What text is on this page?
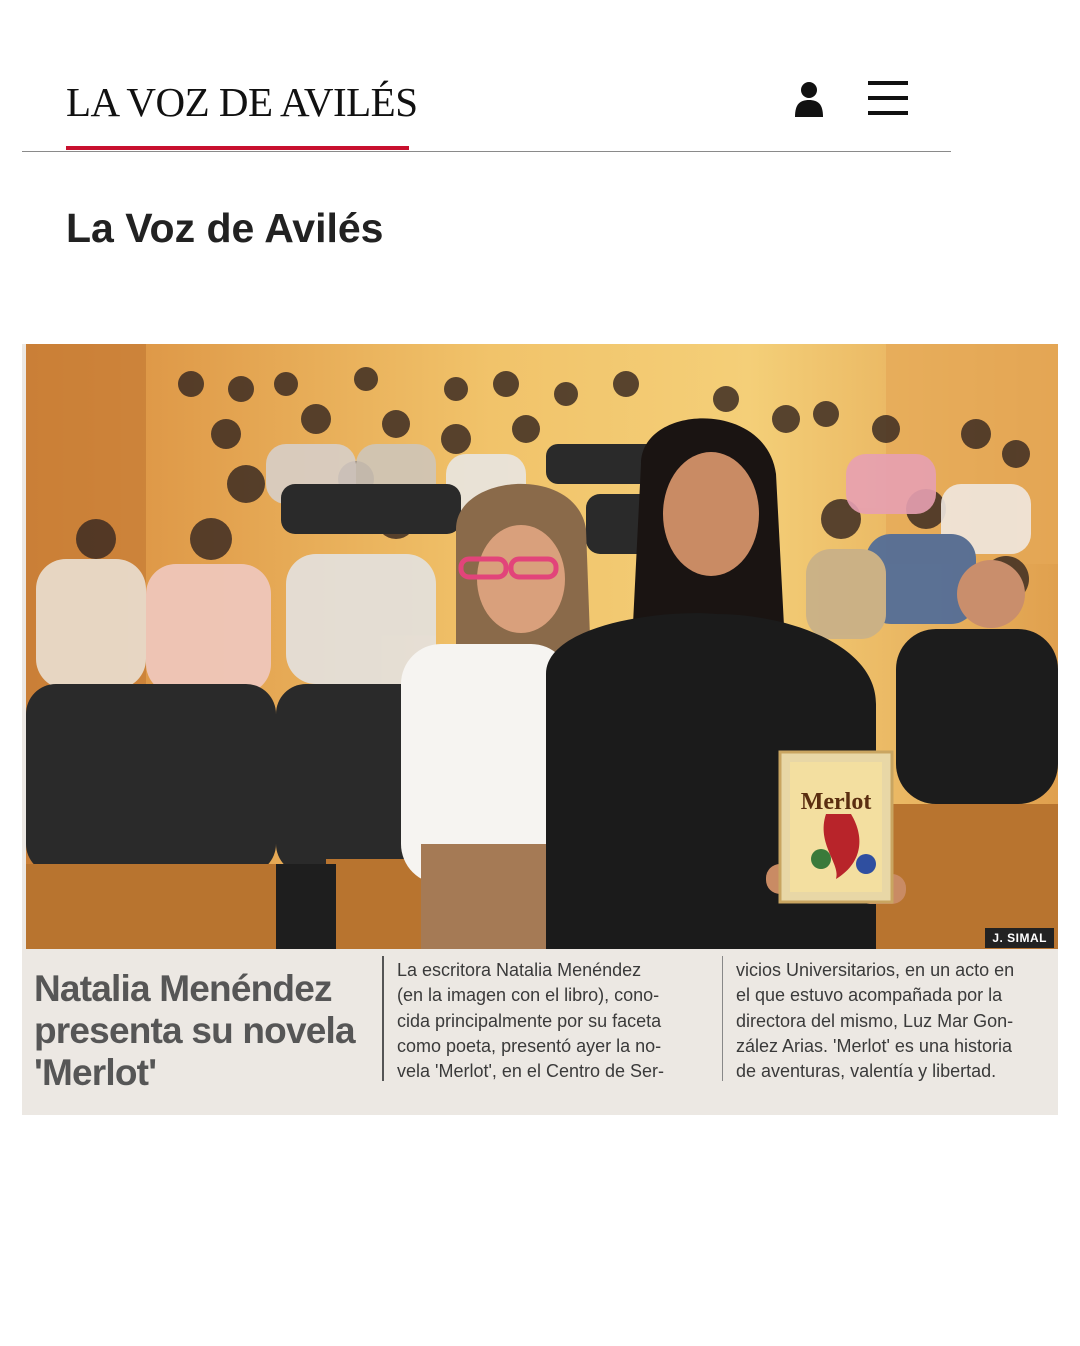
LA VOZ DE AVILÉS
La Voz de Avilés
Merlot
J. SIMAL
Natalia Menéndez
presenta su novela
'Merlot'
La escritora Natalia Menéndez
(en la imagen con el libro), cono-
cida principalmente por su faceta
como poeta, presentó ayer la no-
vela 'Merlot', en el Centro de Ser-
vicios Universitarios, en un acto en
el que estuvo acompañada por la
directora del mismo, Luz Mar Gon-
zález Arias. 'Merlot' es una historia
de aventuras, valentía y libertad.
